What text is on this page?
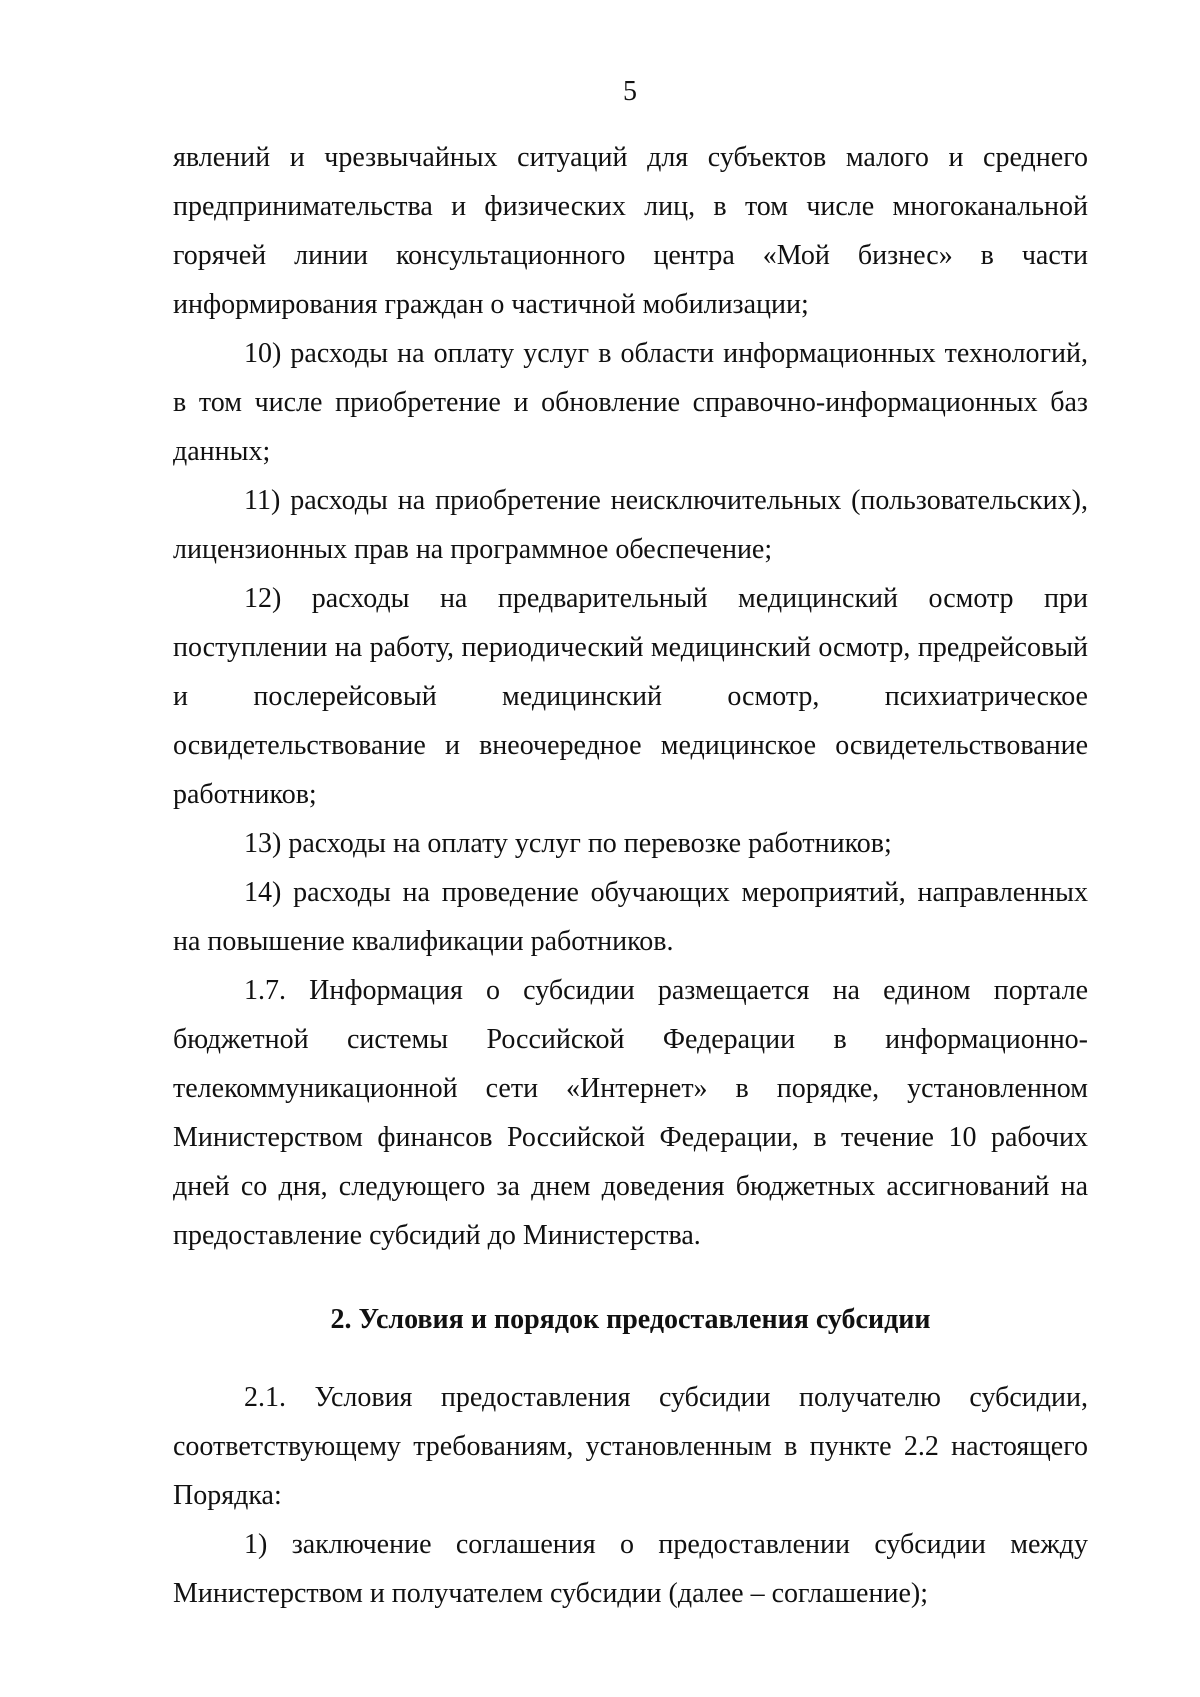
5

явлений и чрезвычайных ситуаций для субъектов малого и среднего предпринимательства и физических лиц, в том числе многоканальной горячей линии консультационного центра «Мой бизнес» в части информирования граждан о частичной мобилизации;

10) расходы на оплату услуг в области информационных технологий, в том числе приобретение и обновление справочно-информационных баз данных;

11) расходы на приобретение неисключительных (пользовательских), лицензионных прав на программное обеспечение;

12) расходы на предварительный медицинский осмотр при поступлении на работу, периодический медицинский осмотр, предрейсовый и послерейсовый медицинский осмотр, психиатрическое освидетельствование и внеочередное медицинское освидетельствование работников;

13) расходы на оплату услуг по перевозке работников;

14) расходы на проведение обучающих мероприятий, направленных на повышение квалификации работников.

1.7. Информация о субсидии размещается на едином портале бюджетной системы Российской Федерации в информационно-телекоммуникационной сети «Интернет» в порядке, установленном Министерством финансов Российской Федерации, в течение 10 рабочих дней со дня, следующего за днем доведения бюджетных ассигнований на предоставление субсидий до Министерства.

2. Условия и порядок предоставления субсидии

2.1. Условия предоставления субсидии получателю субсидии, соответствующему требованиям, установленным в пункте 2.2 настоящего Порядка:

1) заключение соглашения о предоставлении субсидии между Министерством и получателем субсидии (далее – соглашение);
